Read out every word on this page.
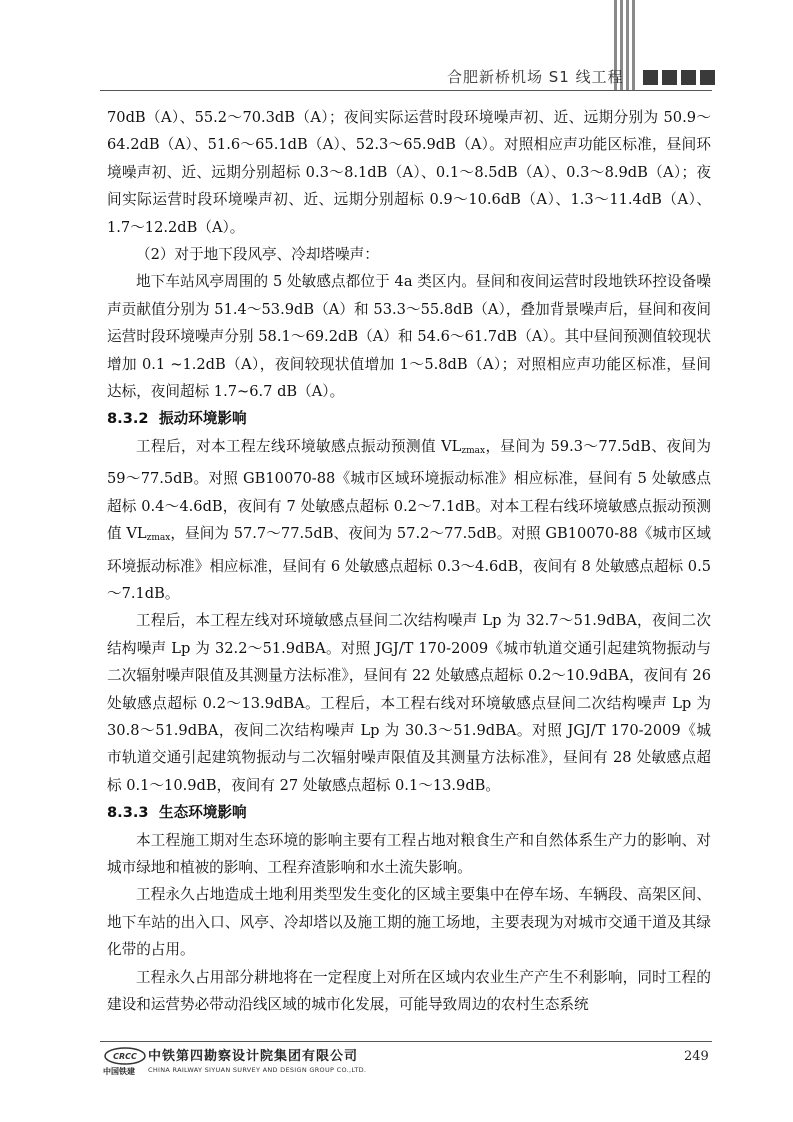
合肥新桥机场 S1 线工程

70dB（A）、55.2～70.3dB（A）；夜间实际运营时段环境噪声初、近、远期分别为 50.9～64.2dB（A）、51.6～65.1dB（A）、52.3～65.9dB（A）。对照相应声功能区标准，昼间环境噪声初、近、远期分别超标 0.3～8.1dB（A）、0.1～8.5dB（A）、0.3～8.9dB（A）；夜间实际运营时段环境噪声初、近、远期分别超标 0.9～10.6dB（A）、1.3～11.4dB（A）、1.7～12.2dB（A）。

（2）对于地下段风亭、冷却塔噪声：

地下车站风亭周围的 5 处敏感点都位于 4a 类区内。昼间和夜间运营时段地铁环控设备噪声贡献值分别为 51.4～53.9dB（A）和 53.3～55.8dB（A），叠加背景噪声后，昼间和夜间运营时段环境噪声分别 58.1～69.2dB（A）和 54.6～61.7dB（A）。其中昼间预测值较现状增加 0.1 ~1.2dB（A），夜间较现状值增加 1～5.8dB（A）；对照相应声功能区标准，昼间达标，夜间超标 1.7~6.7 dB（A）。

8.3.2 振动环境影响

工程后，对本工程左线环境敏感点振动预测值 $VL_{zmax}$，昼间为 59.3～77.5dB、夜间为 59～77.5dB。对照 GB10070-88《城市区域环境振动标准》相应标准，昼间有 5 处敏感点超标 0.4～4.6dB，夜间有 7 处敏感点超标 0.2～7.1dB。对本工程右线环境敏感点振动预测值 $VL_{zmax}$，昼间为 57.7～77.5dB、夜间为 57.2～77.5dB。对照 GB10070-88《城市区域环境振动标准》相应标准，昼间有 6 处敏感点超标 0.3～4.6dB，夜间有 8 处敏感点超标 0.5～7.1dB。

工程后，本工程左线对环境敏感点昼间二次结构噪声 Lp 为 32.7～51.9dBA，夜间二次结构噪声 Lp 为 32.2～51.9dBA。对照 JGJ/T 170-2009《城市轨道交通引起建筑物振动与二次辐射噪声限值及其测量方法标准》，昼间有 22 处敏感点超标 0.2～10.9dBA，夜间有 26 处敏感点超标 0.2～13.9dBA。工程后，本工程右线对环境敏感点昼间二次结构噪声 Lp 为 30.8～51.9dBA，夜间二次结构噪声 Lp 为 30.3～51.9dBA。对照 JGJ/T 170-2009《城市轨道交通引起建筑物振动与二次辐射噪声限值及其测量方法标准》，昼间有 28 处敏感点超标 0.1～10.9dB，夜间有 27 处敏感点超标 0.1～13.9dB。

8.3.3 生态环境影响

本工程施工期对生态环境的影响主要有工程占地对粮食生产和自然体系生产力的影响、对城市绿地和植被的影响、工程弃渣影响和水土流失影响。

工程永久占地造成土地利用类型发生变化的区域主要集中在停车场、车辆段、高架区间、地下车站的出入口、风亭、冷却塔以及施工期的施工场地，主要表现为对城市交通干道及其绿化带的占用。

工程永久占用部分耕地将在一定程度上对所在区域内农业生产产生不利影响，同时工程的建设和运营势必带动沿线区域的城市化发展，可能导致周边的农村生态系统

CRCC
中国铁建
中铁第四勘察设计院集团有限公司
CHINA RAILWAY SIYUAN SURVEY AND DESIGN GROUP CO.,LTD.
249
